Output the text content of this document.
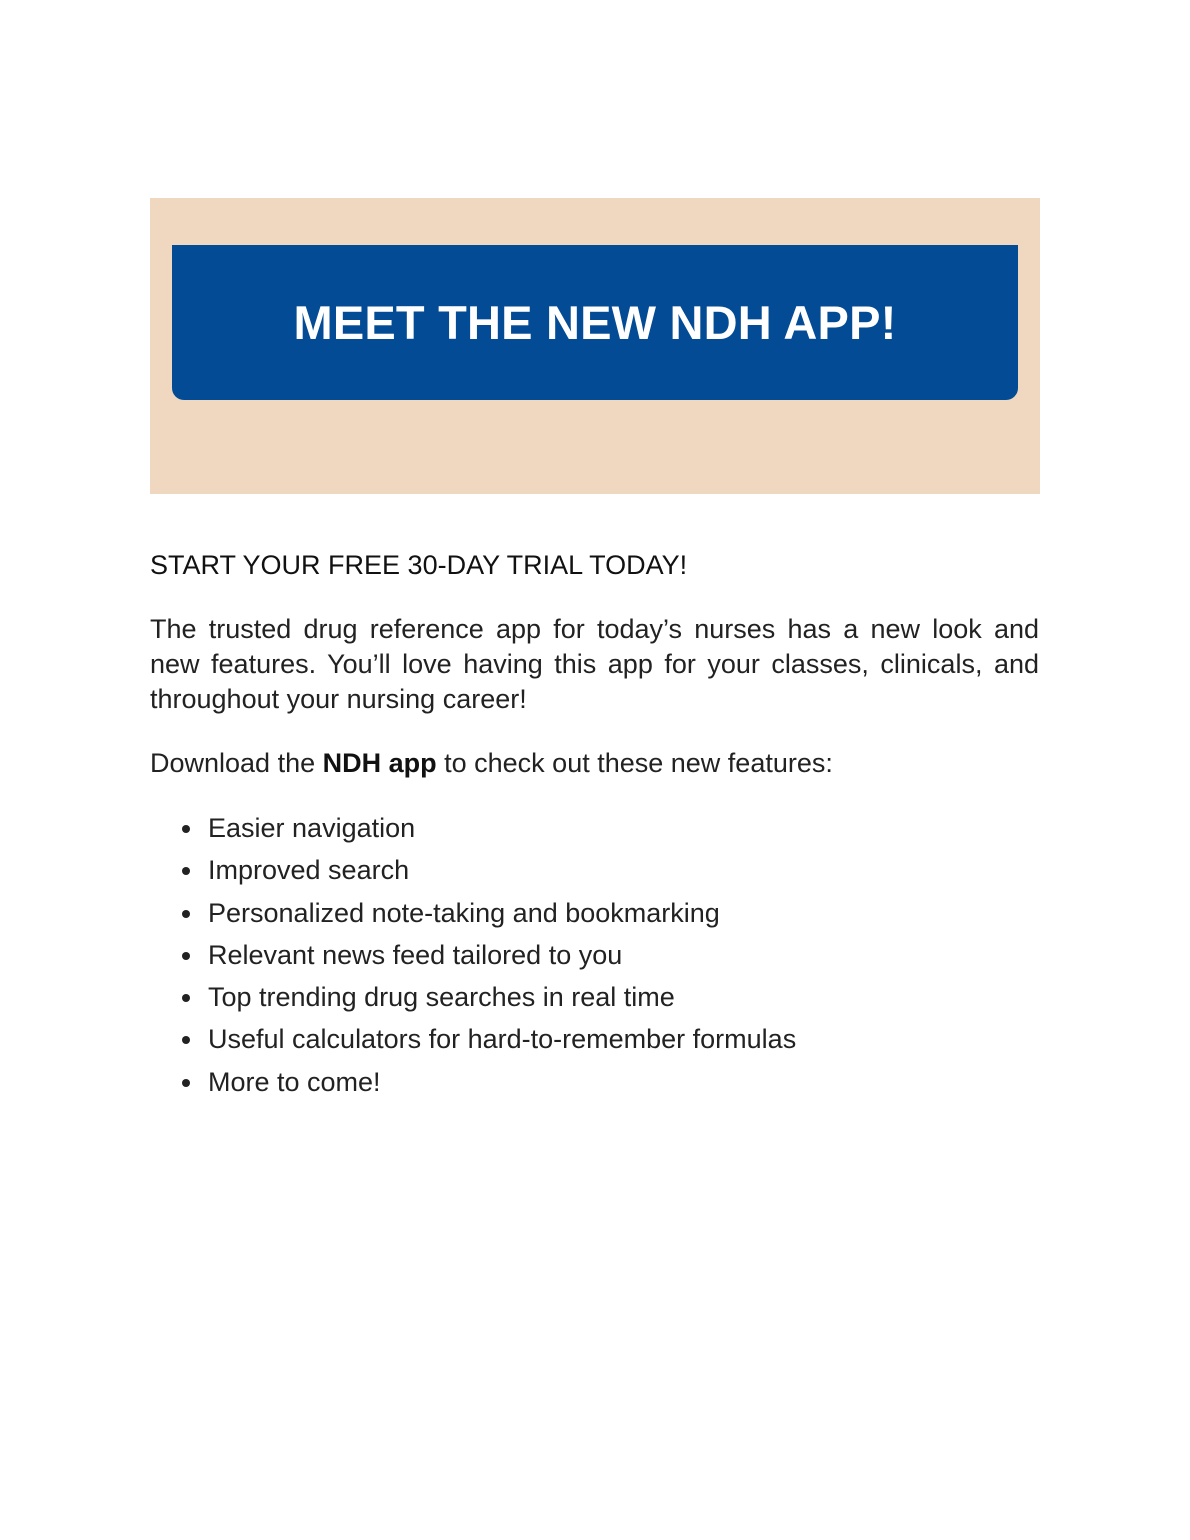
MEET THE NEW NDH APP!

START YOUR FREE 30-DAY TRIAL TODAY!

The trusted drug reference app for today’s nurses has a new look and new features. You’ll love having this app for your classes, clinicals, and throughout your nursing career!

Download the NDH app to check out these new features:

Easier navigation
Improved search
Personalized note-taking and bookmarking
Relevant news feed tailored to you
Top trending drug searches in real time
Useful calculators for hard-to-remember formulas
More to come!
